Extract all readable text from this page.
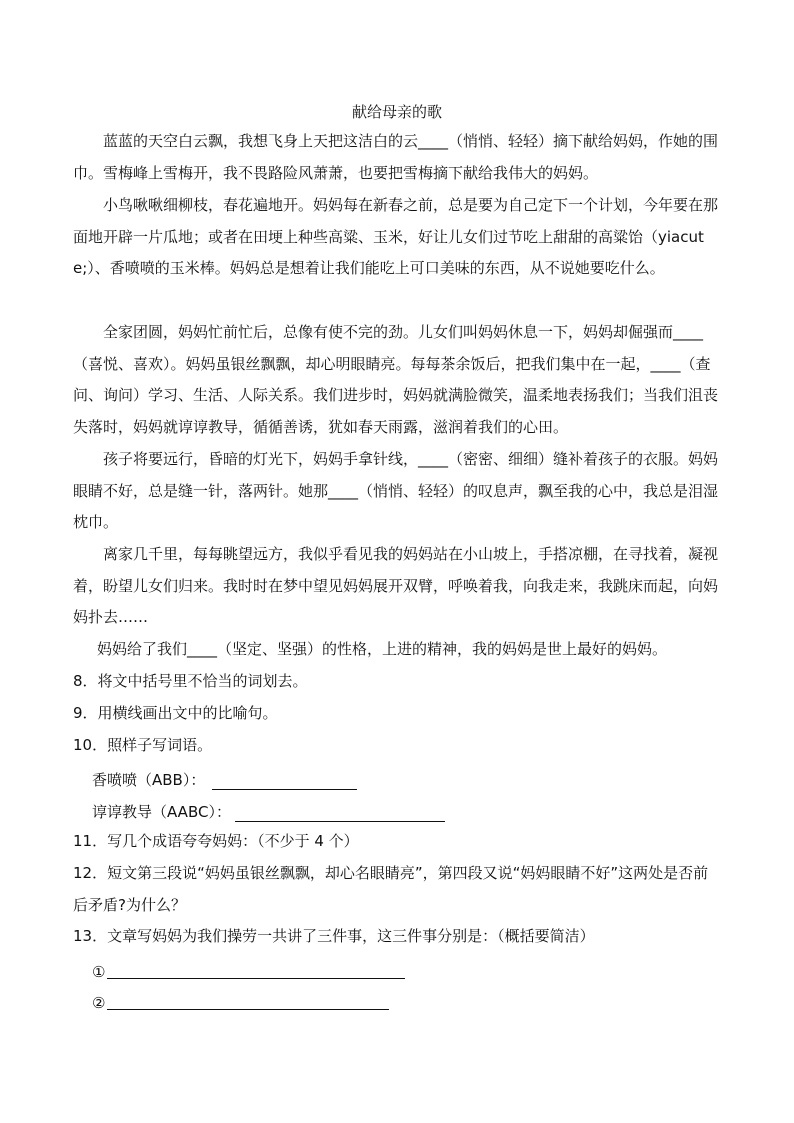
献给母亲的歌

蓝蓝的天空白云飘，我想飞身上天把这洁白的云____（悄悄、轻轻）摘下献给妈妈，作她的围巾。雪梅峰上雪梅开，我不畏路险风萧萧，也要把雪梅摘下献给我伟大的妈妈。

小鸟啾啾细柳枝，春花遍地开。妈妈每在新春之前，总是要为自己定下一个计划，今年要在那面地开辟一片瓜地；或者在田埂上种些高粱、玉米，好让儿女们过节吃上甜甜的高粱饴（yiacute;）、香喷喷的玉米棒。妈妈总是想着让我们能吃上可口美味的东西，从不说她要吃什么。

全家团圆，妈妈忙前忙后，总像有使不完的劲。儿女们叫妈妈休息一下，妈妈却倔强而____（喜悦、喜欢）。妈妈虽银丝飘飘，却心明眼睛亮。每每茶余饭后，把我们集中在一起，____（查问、询问）学习、生活、人际关系。我们进步时，妈妈就满脸微笑，温柔地表扬我们；当我们沮丧失落时，妈妈就谆谆教导，循循善诱，犹如春天雨露，滋润着我们的心田。

孩子将要远行，昏暗的灯光下，妈妈手拿针线，____（密密、细细）缝补着孩子的衣服。妈妈眼睛不好，总是缝一针，落两针。她那____（悄悄、轻轻）的叹息声，飘至我的心中，我总是泪湿枕巾。

离家几千里，每每眺望远方，我似乎看见我的妈妈站在小山坡上，手搭凉棚，在寻找着，凝视着，盼望儿女们归来。我时时在梦中望见妈妈展开双臂，呼唤着我，向我走来，我跳床而起，向妈妈扑去……

妈妈给了我们____（坚定、坚强）的性格，上进的精神，我的妈妈是世上最好的妈妈。

8．将文中括号里不恰当的词划去。

9．用横线画出文中的比喻句。

10．照样子写词语。

香喷喷（ABB）：
谆谆教导（AABC）：

11．写几个成语夸夸妈妈：（不少于 4 个）

12．短文第三段说“妈妈虽银丝飘飘，却心名眼睛亮”，第四段又说“妈妈眼睛不好”这两处是否前后矛盾?为什么？

13．文章写妈妈为我们操劳一共讲了三件事，这三件事分别是：（概括要简洁）

①
②
